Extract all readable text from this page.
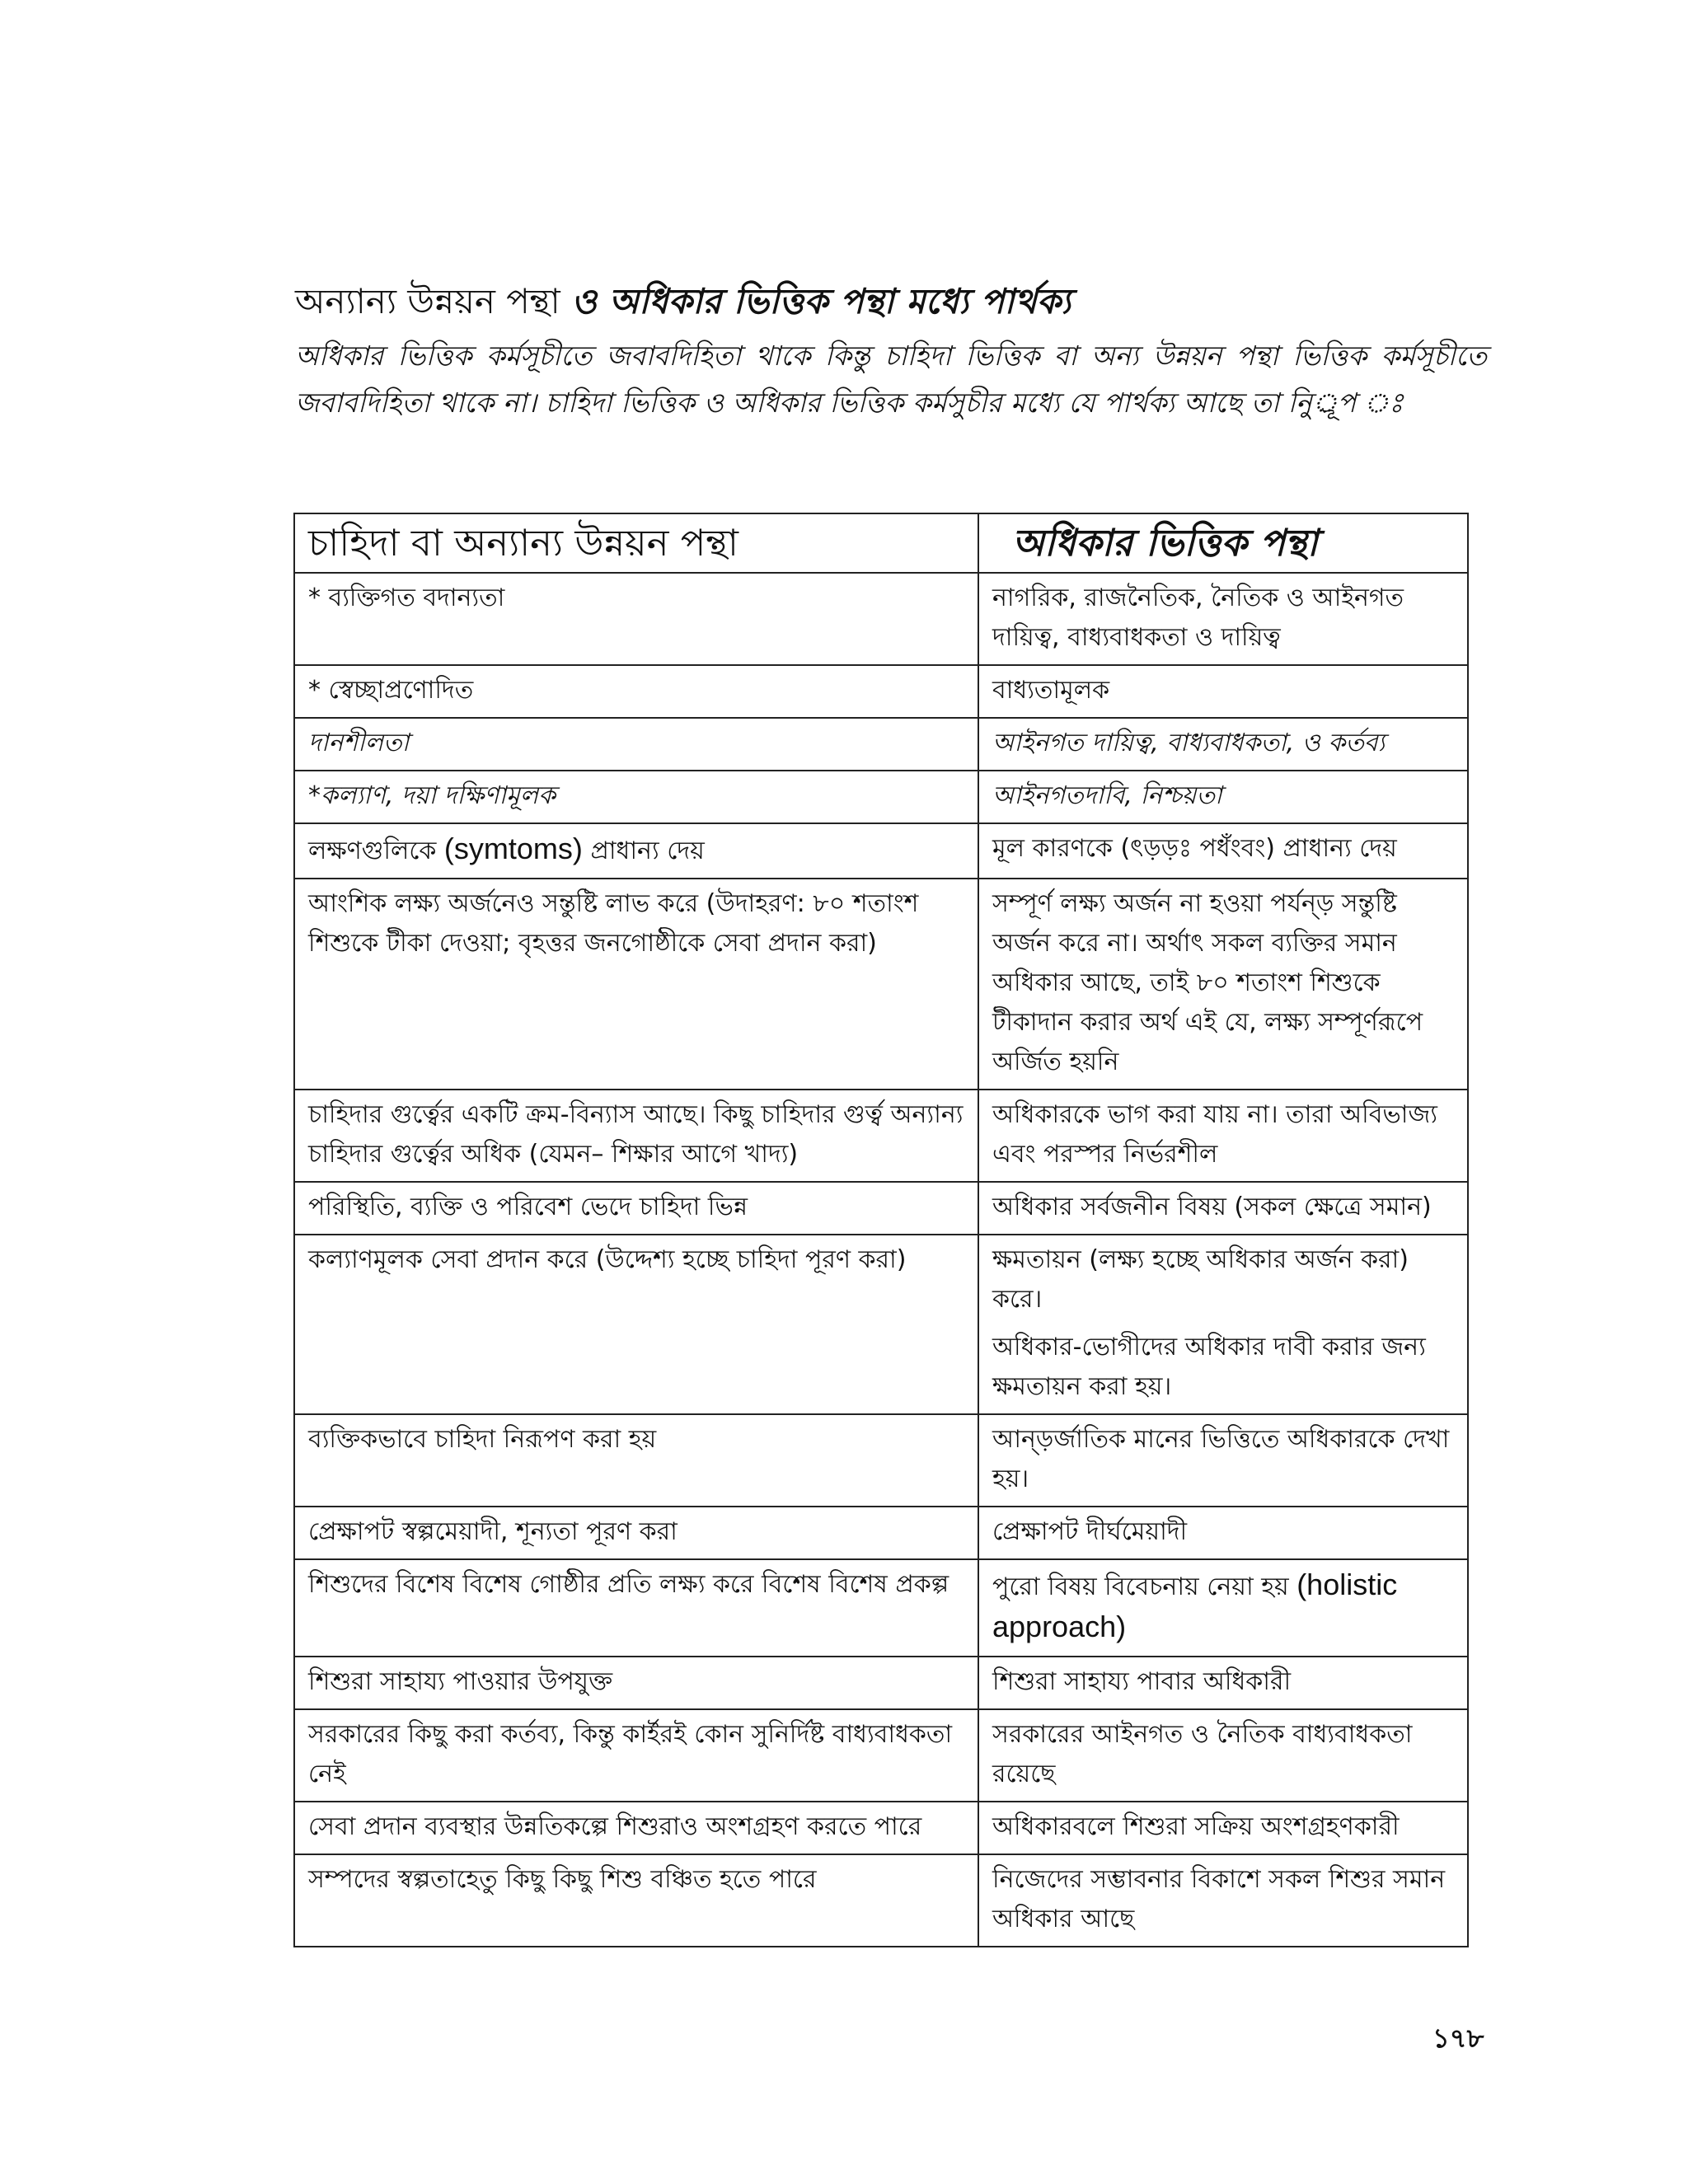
অন্যান্য উন্নয়ন পন্থা ও অধিকার ভিত্তিক পন্থা মধ্যে পার্থক্য

অধিকার ভিত্তিক কর্মসূচীতে জবাবদিহিতা থাকে কিন্তু চাহিদা ভিত্তিক বা অন্য উন্নয়ন পন্থা ভিত্তিক কর্মসূচীতে জবাবদিহিতা থাকে না। চাহিদা ভিত্তিক ও অধিকার ভিত্তিক কর্মসুচীর মধ্যে যে পার্থক্য আছে তা নিুর্ূপ ঃ

চাহিদা বা অন্যান্য উন্নয়ন পন্থা	অধিকার ভিত্তিক পন্থা
* ব্যক্তিগত বদান্যতা	নাগরিক, রাজনৈতিক, নৈতিক ও আইনগত দায়িত্ব, বাধ্যবাধকতা ও দায়িত্ব
* স্বেচ্ছাপ্রণোদিত	বাধ্যতামূলক
দানশীলতা	আইনগত দায়িত্ব, বাধ্যবাধকতা, ও কর্তব্য
*কল্যাণ, দয়া দক্ষিণামূলক	আইনগতদাবি, নিশ্চয়তা
লক্ষণগুলিকে (symtoms) প্রাধান্য দেয়	মূল কারণকে (ৎড়ড়ঃ পধঁংবং) প্রাধান্য দেয়
আংশিক লক্ষ্য অর্জনেও সন্তুষ্টি লাভ করে (উদাহরণ: ৮০ শতাংশ শিশুকে টীকা দেওয়া; বৃহত্তর জনগোষ্ঠীকে সেবা প্রদান করা)	সম্পূর্ণ লক্ষ্য অর্জন না হওয়া পর্যন্ড় সন্তুষ্টি অর্জন করে না। অর্থাৎ সকল ব্যক্তির সমান অধিকার আছে, তাই ৮০ শতাংশ শিশুকে টীকাদান করার অর্থ এই যে, লক্ষ্য সম্পূর্ণরূপে অর্জিত হয়নি
চাহিদার গুর্ত্বের একটি ক্রম-বিন্যাস আছে। কিছু চাহিদার গুর্ত্ব অন্যান্য চাহিদার গুর্ত্বের অধিক (যেমন– শিক্ষার আগে খাদ্য)	অধিকারকে ভাগ করা যায় না। তারা অবিভাজ্য এবং পরস্পর নির্ভরশীল
পরিস্থিতি, ব্যক্তি ও পরিবেশ ভেদে চাহিদা ভিন্ন	অধিকার সর্বজনীন বিষয় (সকল ক্ষেত্রে সমান)
কল্যাণমূলক সেবা প্রদান করে (উদ্দেশ্য হচ্ছে চাহিদা পূরণ করা)	ক্ষমতায়ন (লক্ষ্য হচ্ছে অধিকার অর্জন করা) করে।
অধিকার-ভোগীদের অধিকার দাবী করার জন্য ক্ষমতায়ন করা হয়।

ব্যক্তিকভাবে চাহিদা নিরূপণ করা হয়	আন্ড়র্জাতিক মানের ভিত্তিতে অধিকারকে দেখা হয়।
প্রেক্ষাপট স্বল্পমেয়াদী, শূন্যতা পূরণ করা	প্রেক্ষাপট দীর্ঘমেয়াদী
শিশুদের বিশেষ বিশেষ গোষ্ঠীর প্রতি লক্ষ্য করে বিশেষ বিশেষ প্রকল্প	পুরো বিষয় বিবেচনায় নেয়া হয় (holistic approach)
শিশুরা সাহায্য পাওয়ার উপযুক্ত	শিশুরা সাহায্য পাবার অধিকারী
সরকারের কিছু করা কর্তব্য, কিন্তু কার্ইরই কোন সুনির্দিষ্ট বাধ্যবাধকতা নেই	সরকারের আইনগত ও নৈতিক বাধ্যবাধকতা রয়েছে
সেবা প্রদান ব্যবস্থার উন্নতিকল্পে শিশুরাও অংশগ্রহণ করতে পারে	অধিকারবলে শিশুরা সক্রিয় অংশগ্রহণকারী
সম্পদের স্বল্পতাহেতু কিছু কিছু শিশু বঞ্চিত হতে পারে	নিজেদের সম্ভাবনার বিকাশে সকল শিশুর সমান অধিকার আছে

১৭৮
